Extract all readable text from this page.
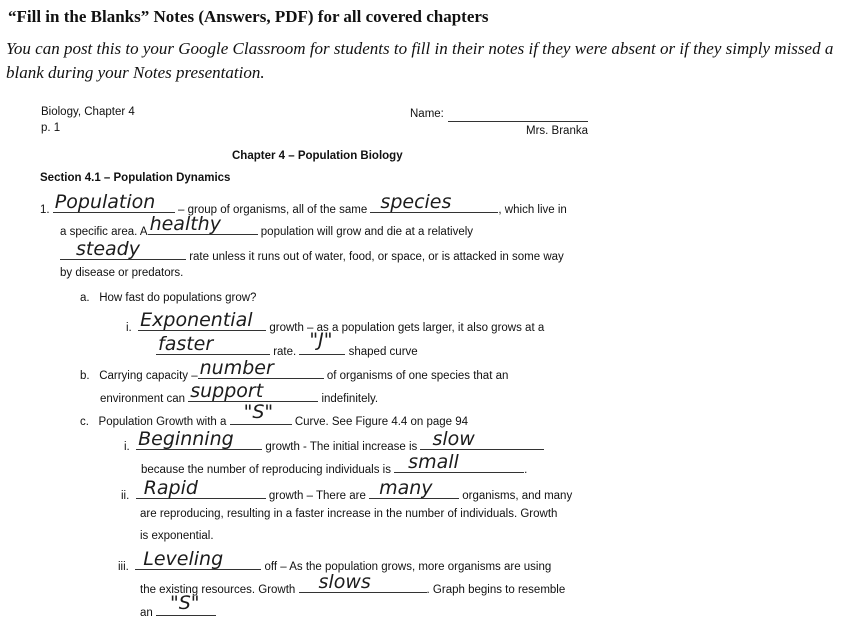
“Fill in the Blanks” Notes (Answers, PDF) for all covered chapters
You can post this to your Google Classroom for students to fill in their notes if they were absent or if they simply missed a blank during your Notes presentation.
Biology, Chapter 4
p. 1
Name:
Mrs. Branka
Chapter 4 – Population Biology
Section 4.1 – Population Dynamics
1. Population – group of organisms, all of the same species	, which live in
a specific area. A healthy	population will grow and die at a relatively
steady	rate unless it runs out of water, food, or space, or is attacked in some way
by disease or predators.
a. How fast do populations grow?
i. Exponential growth – as a population gets larger, it also grows at a
faster	rate.
"J"
shaped curve
b. Carrying capacity – number	of organisms of one species that an
environment can support	indefinitely.
c. Population Growth with a "S" Curve. See Figure 4.4 on page 94
i. Beginning	growth - The initial increase is slow
because the number of reproducing individuals is small	.
ii. Rapid	growth – There are many	organisms, and many
are reproducing, resulting in a faster increase in the number of individuals. Growth
is exponential.
iii. Leveling	off – As the population grows, more organisms are using
the existing resources. Growth slows	. Graph begins to resemble
an "S"
